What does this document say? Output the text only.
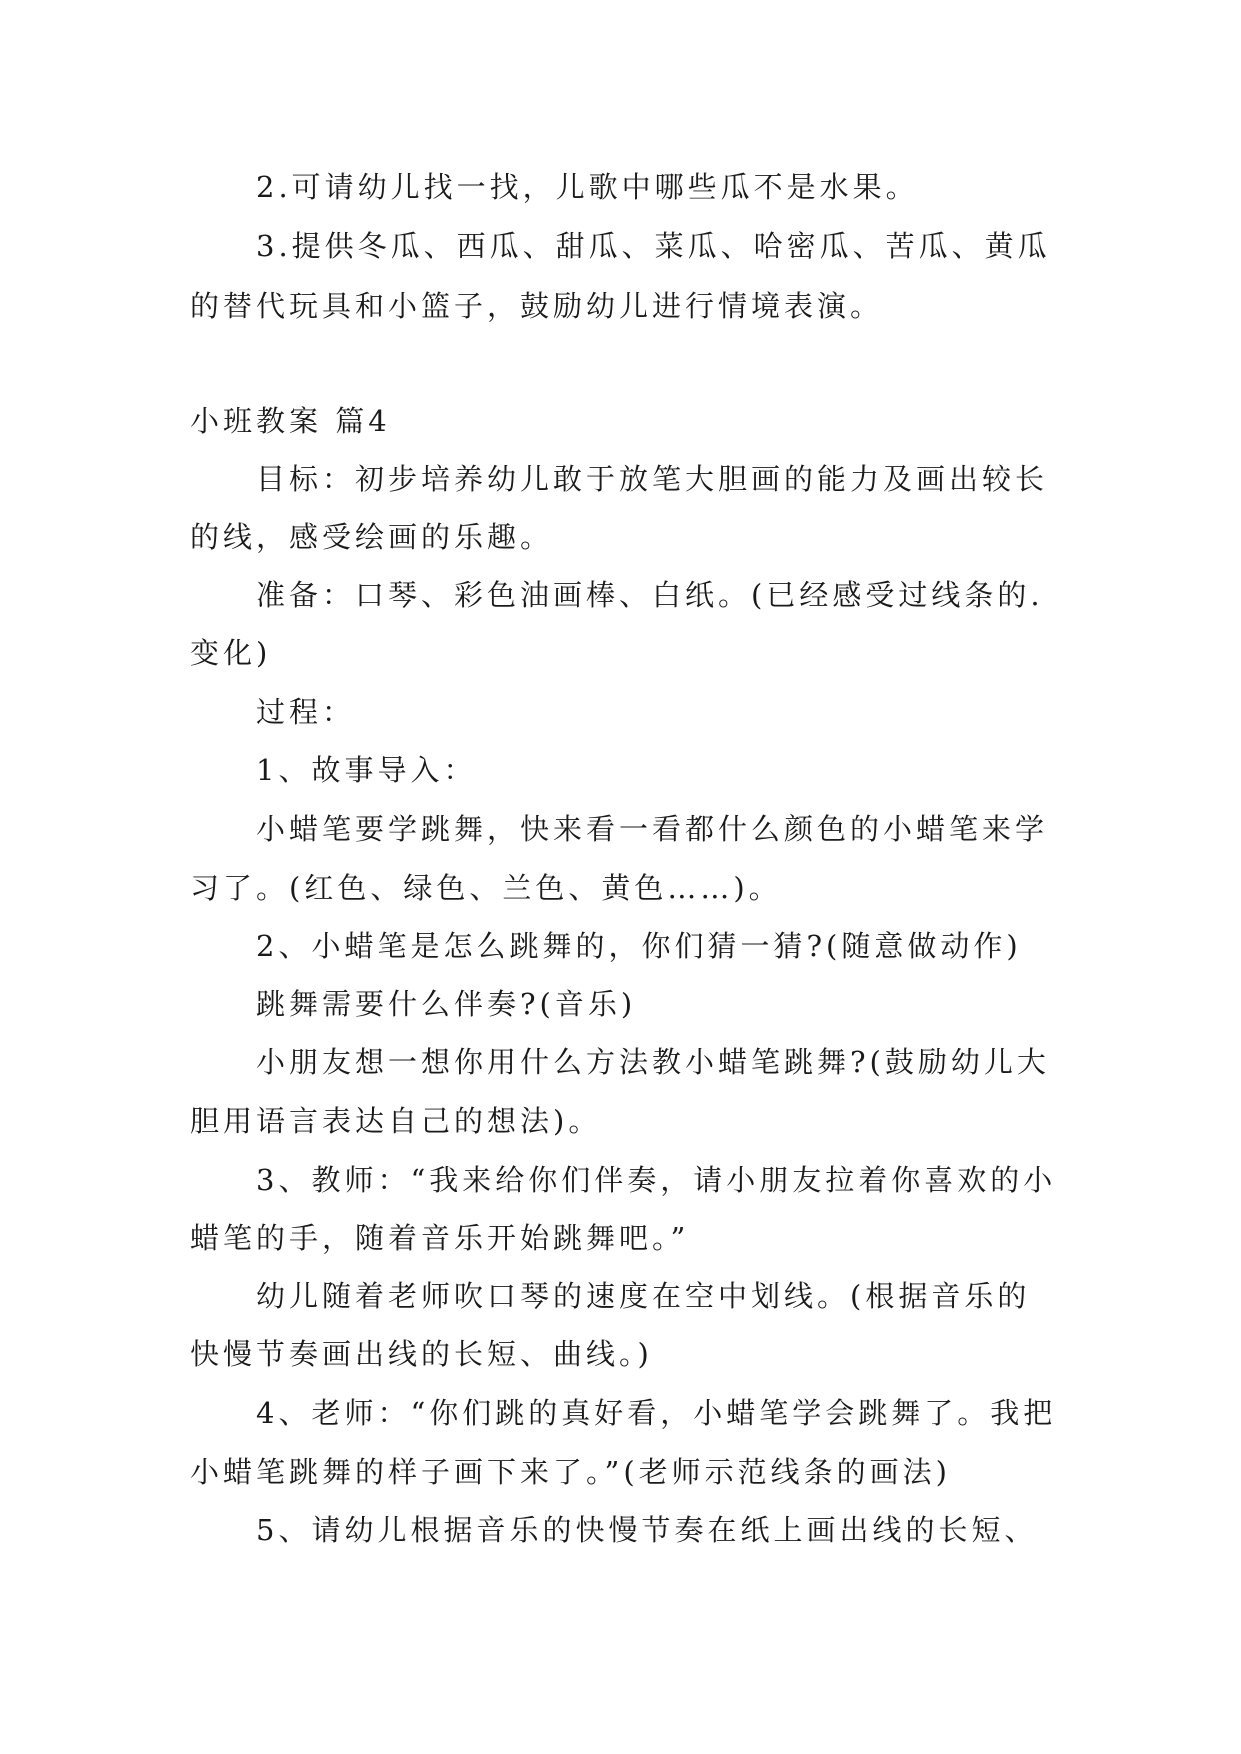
2.可请幼儿找一找，儿歌中哪些瓜不是水果。
3.提供冬瓜、西瓜、甜瓜、菜瓜、哈密瓜、苦瓜、黄瓜
的替代玩具和小篮子，鼓励幼儿进行情境表演。
小班教案 篇4
目标：初步培养幼儿敢于放笔大胆画的能力及画出较长
的线，感受绘画的乐趣。
准备：口琴、彩色油画棒、白纸。(已经感受过线条的.
变化)
过程：
1、故事导入：
小蜡笔要学跳舞，快来看一看都什么颜色的小蜡笔来学
习了。(红色、绿色、兰色、黄色……)。
2、小蜡笔是怎么跳舞的，你们猜一猜?(随意做动作)
跳舞需要什么伴奏?(音乐)
小朋友想一想你用什么方法教小蜡笔跳舞?(鼓励幼儿大
胆用语言表达自己的想法)。
3、教师：“我来给你们伴奏，请小朋友拉着你喜欢的小
蜡笔的手，随着音乐开始跳舞吧。”
幼儿随着老师吹口琴的速度在空中划线。(根据音乐的
快慢节奏画出线的长短、曲线。)
4、老师：“你们跳的真好看，小蜡笔学会跳舞了。我把
小蜡笔跳舞的样子画下来了。”(老师示范线条的画法)
5、请幼儿根据音乐的快慢节奏在纸上画出线的长短、
